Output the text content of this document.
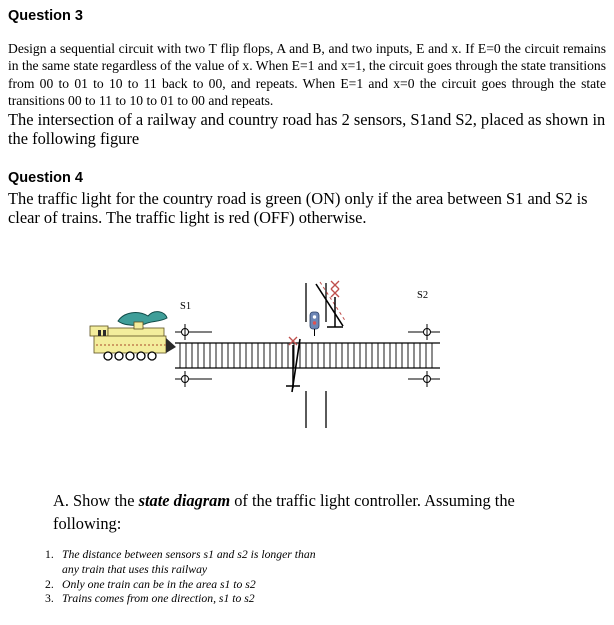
Question 3

Design a sequential circuit with two T flip flops, A and B, and two inputs, E and x. If E=0 the circuit remains in the same state regardless of the value of x. When E=1 and x=1, the circuit goes through the state transitions from 00 to 01 to 10 to 11 back to 00, and repeats. When E=1 and x=0 the circuit goes through the state transitions 00 to 11 to 10 to 01 to 00 and repeats.

The intersection of a railway and country road has 2 sensors, S1and S2, placed as shown in the following figure

Question 4

The traffic light for the country road is green (ON) only if the area between S1 and S2 is clear of trains. The traffic light is red (OFF) otherwise.

S1
S2

A. Show the state diagram of the traffic light controller. Assuming the following:

1. The distance between sensors s1 and s2 is longer than any train that uses this railway
2. Only one train can be in the area s1 to s2
3. Trains comes from one direction, s1 to s2
